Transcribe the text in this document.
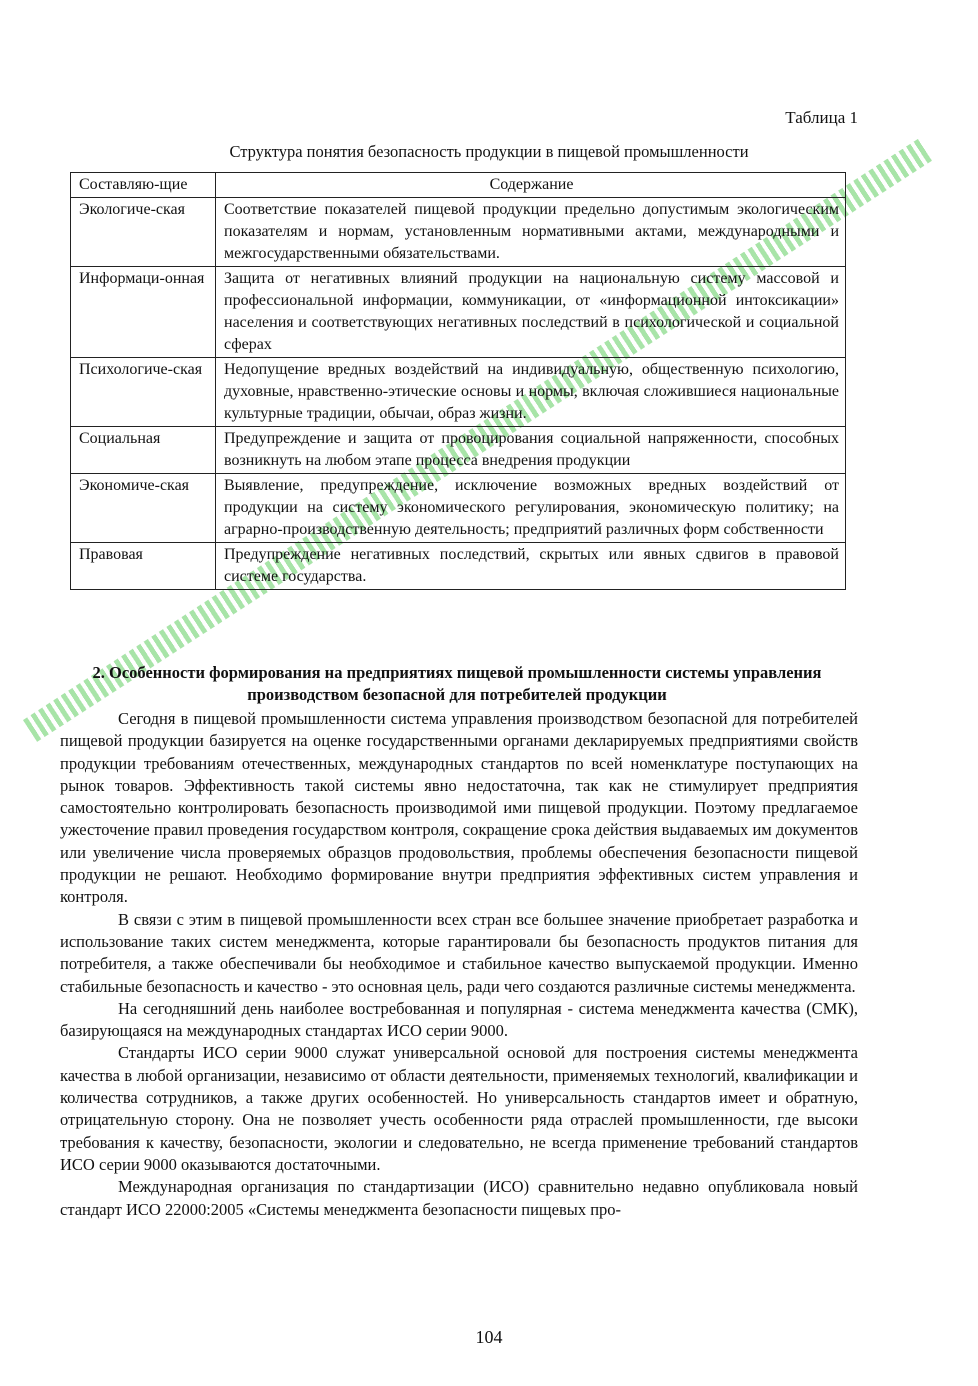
Таблица 1
Структура понятия безопасность продукции в пищевой промышленности
Составляю-щие	Содержание
Экологиче-ская	Соответствие показателей пищевой продукции предельно допустимым экологическим показателям и нормам, установленным нормативными актами, международными и межгосударственными обязательствами.
Информаци-онная	Защита от негативных влияний продукции на национальную систему массовой и профессиональной информации, коммуникации, от «информационной интоксикации» населения и соответствующих негативных последствий в психологической и социальной сферах
Психологиче-ская	Недопущение вредных воздействий на индивидуальную, общественную психологию, духовные, нравственно-этические основы и нормы, включая сложившиеся национальные культурные традиции, обычаи, образ жизни.
Социальная	Предупреждение и защита от провоцирования социальной напряженности, способных возникнуть на любом этапе процесса внедрения продукции
Экономиче-ская	Выявление, предупреждение, исключение возможных вредных воздействий от продукции на систему экономического регулирования, экономическую политику; на аграрно-производственную деятельность; предприятий различных форм собственности
Правовая	Предупреждение негативных последствий, скрытых или явных сдвигов в правовой системе государства.
2. Особенности формирования на предприятиях пищевой промышленности системы управления производством безопасной для потребителей продукции

Сегодня в пищевой промышленности система управления производством безопасной для потребителей пищевой продукции базируется на оценке государственными органами декларируемых предприятиями свойств продукции требованиям отечественных, международных стандартов по всей номенклатуре поступающих на рынок товаров. Эффективность такой системы явно недостаточна, так как не стимулирует предприятия самостоятельно контролировать безопасность производимой ими пищевой продукции. Поэтому предлагаемое ужесточение правил проведения государством контроля, сокращение срока действия выдаваемых им документов или увеличение числа проверяемых образцов продовольствия, проблемы обеспечения безопасности пищевой продукции не решают. Необходимо формирование внутри предприятия эффективных систем управления и контроля.

В связи с этим в пищевой промышленности всех стран все большее значение приобретает разработка и использование таких систем менеджмента, которые гарантировали бы безопасность продуктов питания для потребителя, а также обеспечивали бы необходимое и стабильное качество выпускаемой продукции. Именно стабильные безопасность и качество - это основная цель, ради чего создаются различные системы менеджмента.

На сегодняшний день наиболее востребованная и популярная - система менеджмента качества (СМК), базирующаяся на международных стандартах ИСО серии 9000.

Стандарты ИСО серии 9000 служат универсальной основой для построения системы менеджмента качества в любой организации, независимо от области деятельности, применяемых технологий, квалификации и количества сотрудников, а также других особенностей. Но универсальность стандартов имеет и обратную, отрицательную сторону. Она не позволяет учесть особенности ряда отраслей промышленности, где высоки требования к качеству, безопасности, экологии и следовательно, не всегда применение требований стандартов ИСО серии 9000 оказываются достаточными.

Международная организация по стандартизации (ИСО) сравнительно недавно опубликовала новый стандарт ИСО 22000:2005 «Системы менеджмента безопасности пищевых про-

104
